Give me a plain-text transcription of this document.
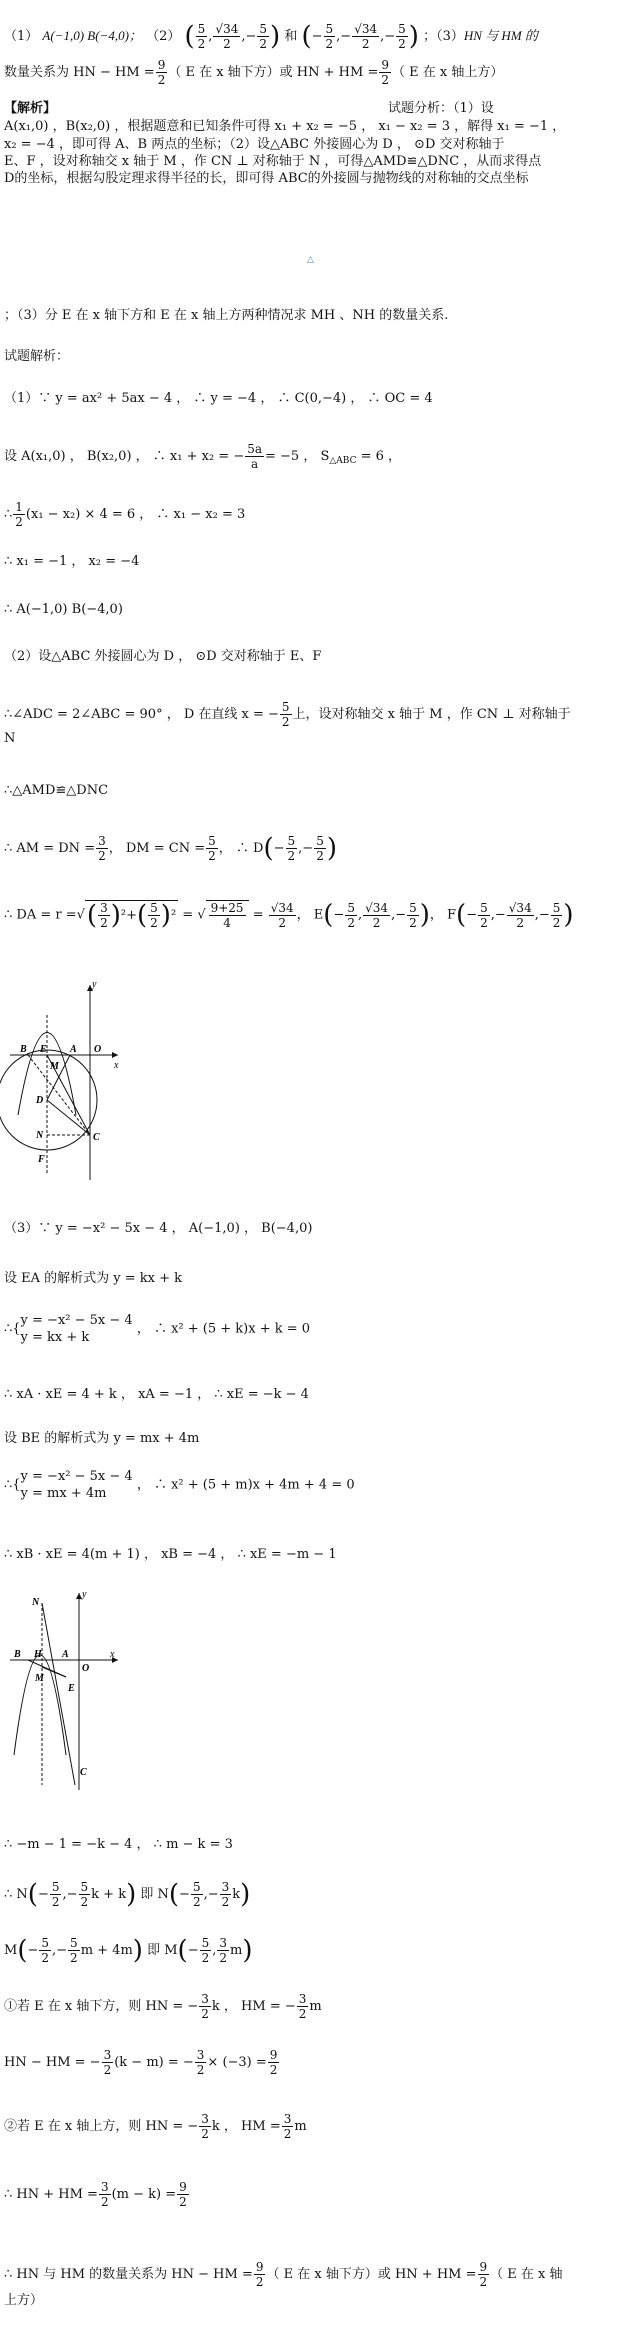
（1） A(−1,0) B(−4,0)； （2） ( $\frac{5}{2}$ , $\frac{√34}{2}$ ,− $\frac{5}{2}$ ) 和 (− $\frac{5}{2}$ ,− $\frac{√34}{2}$ ,− $\frac{5}{2}$ ) ；（3）HN 与 HM 的
数量关系为 HN − HM = $\frac{9}{2}$ （ E 在 x 轴下方）或 HN + HM = $\frac{9}{2}$ （ E 在 x 轴上方）
【解析】	试题分析：（1）设
A(x₁,0) ，B(x₂,0) ，根据题意和已知条件可得 x₁ + x₂ = −5 ， x₁ − x₂ = 3 ，解得 x₁ = −1 ，
x₂ = −4 ，即可得 A、B 两点的坐标；（2）设△ABC 外接圆心为 D ， ⊙D 交对称轴于
E、F ，设对称轴交 x 轴于 M ，作 CN ⊥ 对称轴于 N ，可得△AMD≌△DNC ，从而求得点
D的坐标，根据勾股定理求得半径的长，即可得 ABC的外接圆与抛物线的对称轴的交点坐标
△
；（3）分 E 在 x 轴下方和 E 在 x 轴上方两种情况求 MH 、NH 的数量关系.
试题解析：
（1）∵ y = ax² + 5ax − 4 ， ∴ y = −4 ， ∴ C(0,−4) ， ∴ OC = 4
设 A(x₁,0) ， B(x₂,0) ， ∴ x₁ + x₂ = − $\frac{5a}{a} = -5$ ， $S_{\triangle ABC} = 6$ ，
∴ $\frac{1}{2} (x_1 - x_2) \times 4 = 6$ ， ∴ x₁ − x₂ = 3
∴ x₁ = −1 ， x₂ = −4
∴ A(−1,0) B(−4,0)
（2）设△ABC 外接圆心为 D ， ⊙D 交对称轴于 E、F
∴∠ADC = 2∠ABC = 90° ， D 在直线 x = − $\frac{5}{2}$ 上，设对称轴交 x 轴于 M ，作 CN ⊥ 对称轴于
N
∴△AMD≌△DNC
∴ AM = DN = $\frac{3}{2}$ ， DM = CN = $\frac{5}{2}$ ， ∴ $D(- \frac{5}{2}$ ,− $\frac{5}{2}$ )
∴ DA = r =√( $\frac{3}{2} )^2+( \frac{5}{2} )^2$ = √ $\frac{9+25}{4} = \frac{√34}{2}$ ， $E(- \frac{5}{2}$ , $\frac{√34}{2}$ ,− $\frac{5}{2}$ )， $F(- \frac{5}{2}$ ,− $\frac{√34}{2}$ ,− $\frac{5}{2}$ )
y
E
B	A O
x
M
D
N	C
F
（3）∵ y = −x² − 5x − 4 ， A(−1,0) ， B(−4,0)
设 EA 的解析式为 y = kx + k
∴{
y = −x² − 5x − 4
y = kx + k
， ∴ x² + (5 + k)x + k = 0
∴ xA · xE = 4 + k ， xA = −1 ， ∴ xE = −k − 4
设 BE 的解析式为 y = mx + 4m
∴{
y = −x² − 5x − 4
y = mx + 4m
， ∴ x² + (5 + m)x + 4m + 4 = 0
∴ xB · xE = 4(m + 1) ， xB = −4 ， ∴ xE = −m − 1
N
y
B H A
O
x
M
E
C
∴ −m − 1 = −k − 4 ， ∴ m − k = 3
∴ $N(- \frac{5}{2}$ ,− $\frac{5}{2}$ k + k) 即 $N(- \frac{5}{2}$ ,− $\frac{3}{2} k$)
$M(- \frac{5}{2}$ ,− $\frac{5}{2}$ m + 4m) 即 $M(- \frac{5}{2}$ , $\frac{3}{2} m$)
①若 E 在 x 轴下方，则 HN = − $\frac{3}{2}$ k ， HM = − $\frac{3}{2}$ m
HN − HM = − $\frac{3}{2} (k - m)$ = − $\frac{3}{2} \times (-3) = \frac{9}{2}$
②若 E 在 x 轴上方，则 HN = − $\frac{3}{2}$ k ， HM = $\frac{3}{2}$ m
∴ HN + HM = $\frac{3}{2} (m - k) = \frac{9}{2}$
∴ HN 与 HM 的数量关系为 HN − HM = $\frac{9}{2}$ （ E 在 x 轴下方）或 HN + HM = $\frac{9}{2}$ （ E 在 x 轴
上方）
